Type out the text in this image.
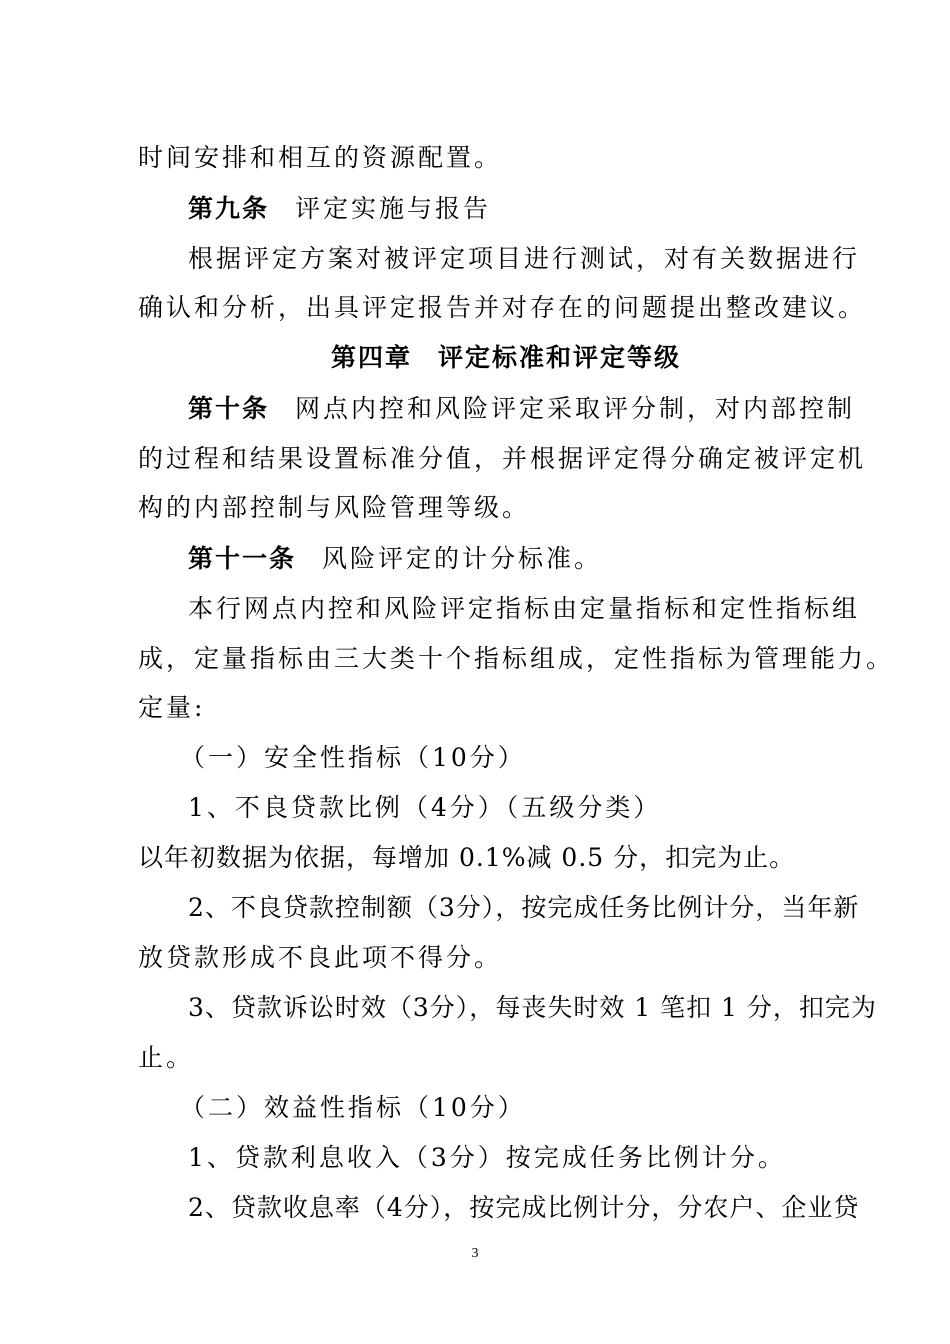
时间安排和相互的资源配置。
第九条 评定实施与报告
根据评定方案对被评定项目进行测试，对有关数据进行
确认和分析，出具评定报告并对存在的问题提出整改建议。
第四章 评定标准和评定等级
第十条 网点内控和风险评定采取评分制，对内部控制
的过程和结果设置标准分值，并根据评定得分确定被评定机
构的内部控制与风险管理等级。
第十一条 风险评定的计分标准。
本行网点内控和风险评定指标由定量指标和定性指标组
成，定量指标由三大类十个指标组成，定性指标为管理能力。
定量:
（一）安全性指标（10分）
1、不良贷款比例（4分）（五级分类）
以年初数据为依据，每增加 0.1%减 0.5 分，扣完为止。
2、不良贷款控制额（3分），按完成任务比例计分，当年新
放贷款形成不良此项不得分。
3、贷款诉讼时效（3分），每丧失时效 1 笔扣 1 分，扣完为
止。
（二）效益性指标（10分）
1、贷款利息收入（3分）按完成任务比例计分。
2、贷款收息率（4分），按完成比例计分，分农户、企业贷
3
